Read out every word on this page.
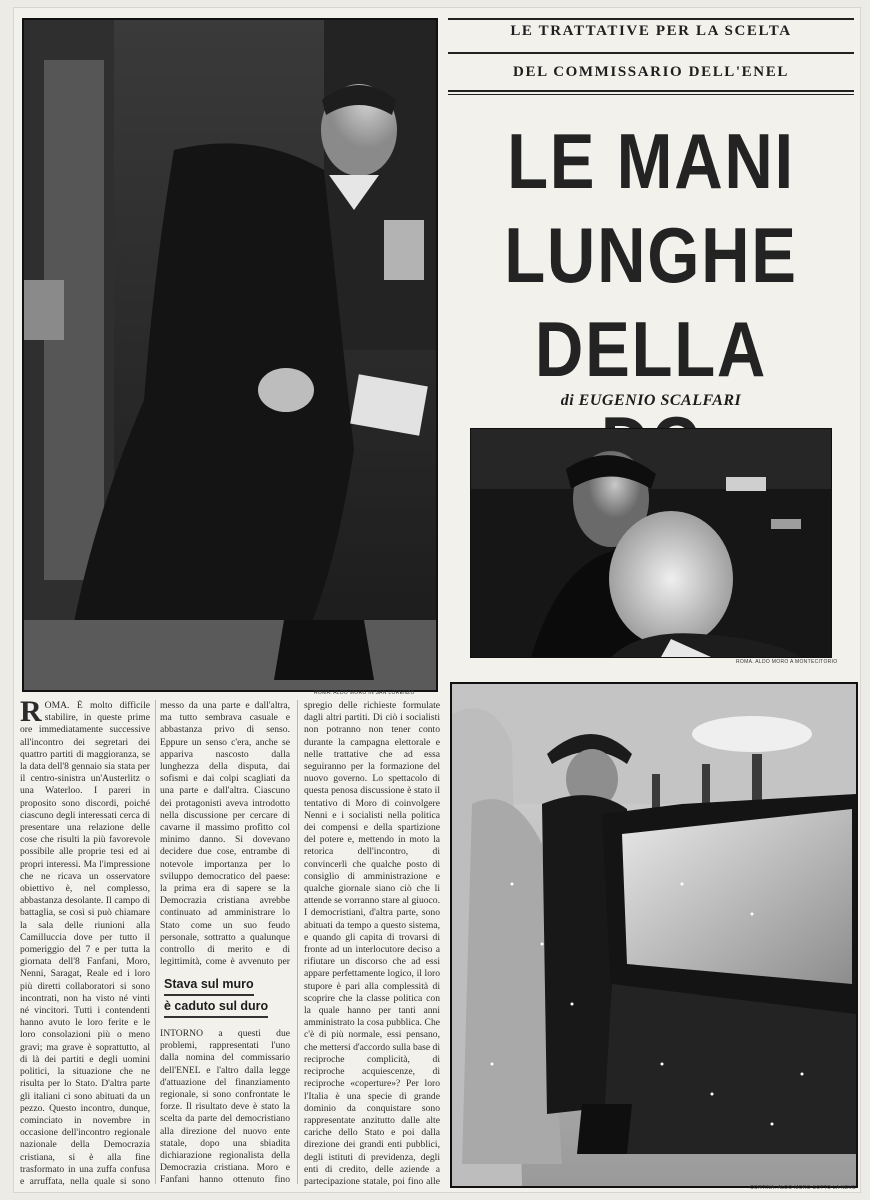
ROMA. ALDO MORO IN SAN LORENZO
LE TRATTATIVE PER LA SCELTA
DEL COMMISSARIO DELL'ENEL
LE MANI
LUNGHE
DELLA
di EUGENIO SCALFARI
ROMA. ALDO MORO A MONTECITORIO
CORTINA. ALDO MORO SOTTO LA NEVE

ROMA. È molto difficile stabilire, in queste prime ore immediatamente successive all'incontro dei segretari dei quattro partiti di maggioranza, se la data dell'8 gennaio sia stata per il centro-sinistra un'Austerlitz o una Waterloo. I pareri in proposito sono discordi, poiché ciascuno degli interessati cerca di presentare una relazione delle cose che risulti la più favorevole possibile alle proprie tesi ed ai propri interessi. Ma l'impressione che ne ricava un osservatore obiettivo è, nel complesso, abbastanza desolante. Il campo di battaglia, se così si può chiamare la sala delle riunioni alla Camilluccia dove per tutto il pomeriggio del 7 e per tutta la giornata dell'8 Fanfani, Moro, Nenni, Saragat, Reale ed i loro più diretti collaboratori si sono incontrati, non ha visto né vinti né vincitori. Tutti i contendenti hanno avuto le loro ferite e le loro consolazioni più o meno gravi; ma grave è soprattutto, al di là dei partiti e degli uomini politici, la situazione che ne risulta per lo Stato. D'altra parte gli italiani ci sono abituati da un pezzo. Questo incontro, dunque, cominciato in novembre in occasione dell'incontro regionale nazionale della Democrazia cristiana, si è alla fine trasformato in una zuffa confusa e arruffata, nella quale si sono

messo da una parte e dall'altra, ma tutto sembrava casuale e abbastanza privo di senso. Eppure un senso c'era, anche se appariva nascosto dalla lunghezza della disputa, dai sofismi e dai colpi scagliati da una parte e dall'altra. Ciascuno dei protagonisti aveva introdotto nella discussione per cercare di cavarne il massimo profitto col minimo danno. Si dovevano decidere due cose, entrambe di notevole importanza per lo sviluppo democratico del paese: la prima era di sapere se la Democrazia cristiana avrebbe continuato ad amministrare lo Stato come un suo feudo personale, sottratto a qualunque controllo di merito e di legittimità, come è avvenuto per

Stava sul muro
è caduto sul duro

INTORNO a questi due problemi, rappresentati l'uno dalla nomina del commissario dell'ENEL e l'altro dalla legge d'attuazione del finanziamento regionale, si sono confrontate le forze. Il risultato deve è stato la scelta da parte del democristiano alla direzione del nuovo ente statale, dopo una sbiadita dichiarazione regionalista della Democrazia cristiana. Moro e Fanfani hanno ottenuto fino

spregio delle richieste formulate dagli altri partiti. Di ciò i socialisti non potranno non tener conto durante la campagna elettorale e nelle trattative che ad essa seguiranno per la formazione del nuovo governo. Lo spettacolo di questa penosa discussione è stato il tentativo di Moro di coinvolgere Nenni e i socialisti nella politica dei compensi e della spartizione del potere e, mettendo in moto la retorica dell'incontro, di convincerli che qualche posto di consiglio di amministrazione e qualche giornale siano ciò che li attende se vorranno stare al giuoco. I democristiani, d'altra parte, sono abituati da tempo a questo sistema, e quando gli capita di trovarsi di fronte ad un interlocutore deciso a rifiutare un discorso che ad essi appare perfettamente logico, il loro stupore è pari alla complessità di scoprire che la classe politica con la quale hanno per tanti anni amministrato la cosa pubblica. Che c'è di più normale, essi pensano, che mettersi d'accordo sulla base di reciproche complicità, di reciproche acquiescenze, di reciproche «coperture»? Per loro l'Italia è una specie di grande dominio da conquistare sono rappresentate anzitutto dalle alte cariche dello Stato e poi dalla direzione dei grandi enti pubblici, degli istituti di previdenza, degli enti di credito, delle aziende a partecipazione statale, poi fino alle
